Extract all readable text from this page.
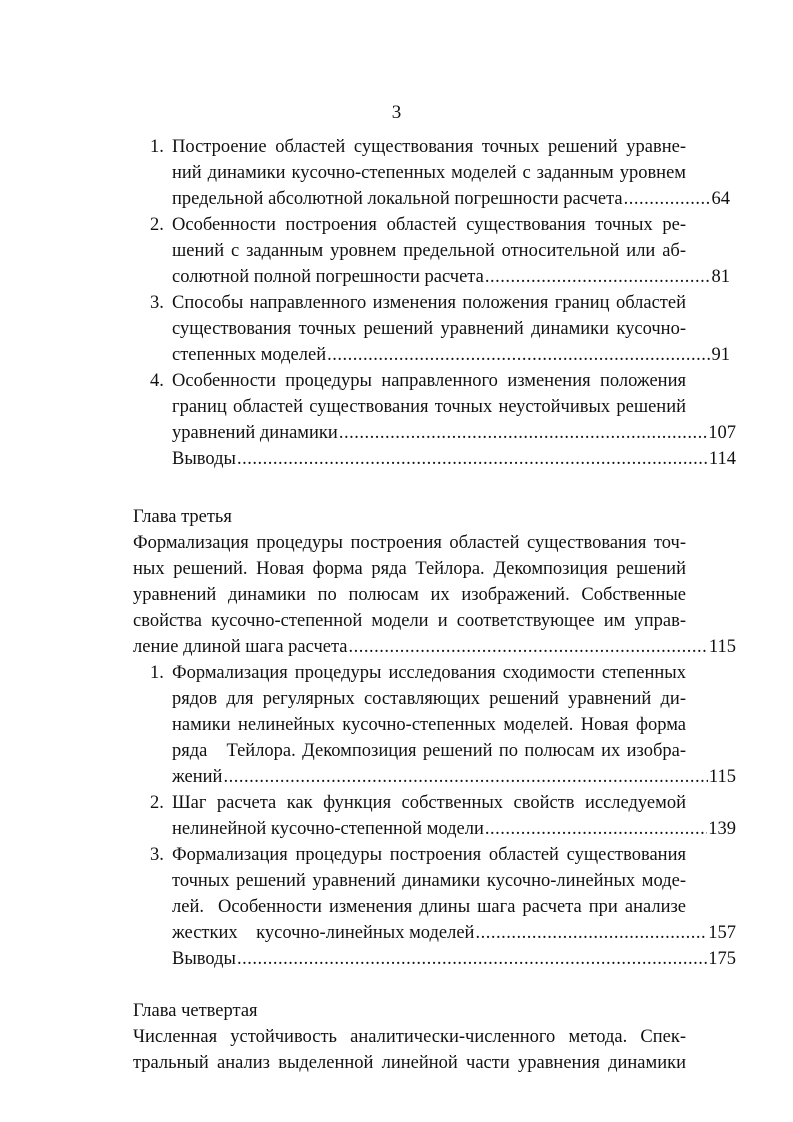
3
1. Построение областей существования точных решений уравне-
ний динамики кусочно-степенных моделей с заданным уровнем
предельной абсолютной локальной погрешности расчета .....	64
2. Особенности построения областей существования точных ре-
шений с заданным уровнем предельной относительной или аб-
солютной полной погрешности расчета .....	81
3. Способы направленного изменения положения границ областей
существования точных решений уравнений динамики кусочно-
степенных моделей .....	91
4. Особенности процедуры направленного изменения положения
границ областей существования точных неустойчивых решений
уравнений динамики .....	107
Выводы .....	114
Глава третья
Формализация процедуры построения областей существования точ-
ных решений. Новая форма ряда Тейлора. Декомпозиция решений
уравнений динамики по полюсам их изображений. Собственные
свойства кусочно-степенной модели и соответствующее им управ-
ление длиной шага расчета .....	115
1. Формализация процедуры исследования сходимости степенных
рядов для регулярных составляющих решений уравнений ди-
намики нелинейных кусочно-степенных моделей. Новая форма
ряда   Тейлора. Декомпозиция решений по полюсам их изобра-
жений .....	115
2. Шаг расчета как функция собственных свойств исследуемой
нелинейной кусочно-степенной модели .....	139
3. Формализация процедуры построения областей существования
точных решений уравнений динамики кусочно-линейных моде-
лей.  Особенности изменения длины шага расчета при анализе
жестких    кусочно-линейных моделей .....	157
Выводы .....	175
Глава четвертая
Численная устойчивость аналитически-численного метода. Спек-
тральный анализ выделенной линейной части уравнения динамики
